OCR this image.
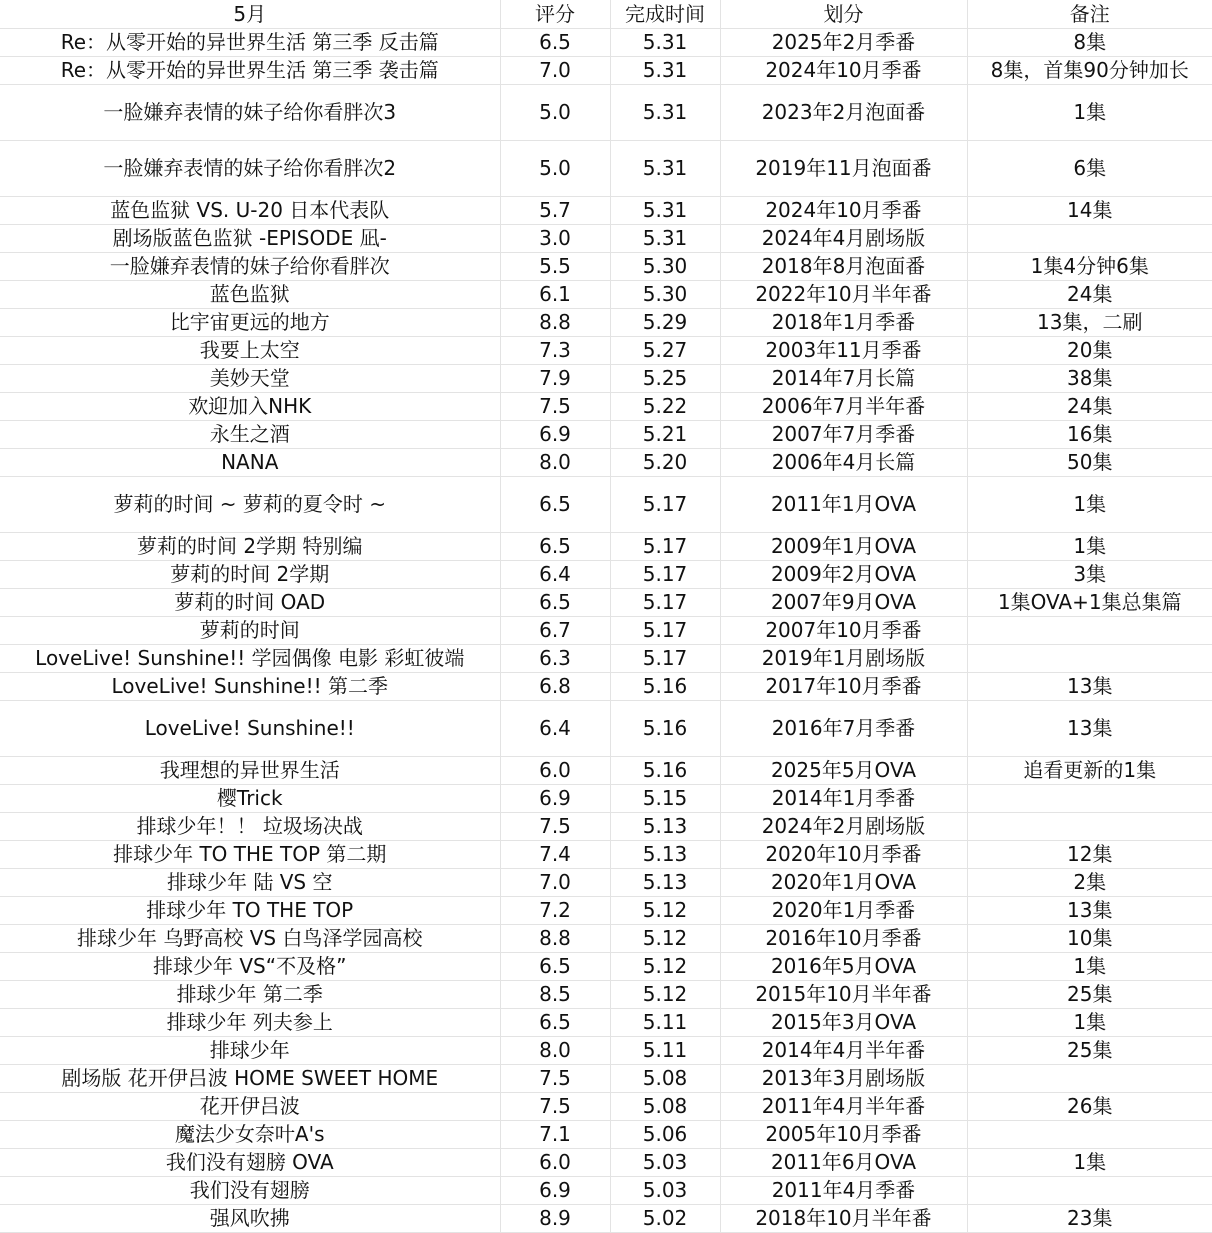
5月	评分	完成时间	划分	备注
Re：从零开始的异世界生活 第三季 反击篇	6.5	5.31	2025年2月季番	8集
Re：从零开始的异世界生活 第三季 袭击篇	7.0	5.31	2024年10月季番	8集，首集90分钟加长
一脸嫌弃表情的妹子给你看胖次3	5.0	5.31	2023年2月泡面番	1集
一脸嫌弃表情的妹子给你看胖次2	5.0	5.31	2019年11月泡面番	6集
蓝色监狱 VS. U-20 日本代表队	5.7	5.31	2024年10月季番	14集
剧场版蓝色监狱 -EPISODE 凪-	3.0	5.31	2024年4月剧场版	
一脸嫌弃表情的妹子给你看胖次	5.5	5.30	2018年8月泡面番	1集4分钟6集
蓝色监狱	6.1	5.30	2022年10月半年番	24集
比宇宙更远的地方	8.8	5.29	2018年1月季番	13集，二刷
我要上太空	7.3	5.27	2003年11月季番	20集
美妙天堂	7.9	5.25	2014年7月长篇	38集
欢迎加入NHK	7.5	5.22	2006年7月半年番	24集
永生之酒	6.9	5.21	2007年7月季番	16集
NANA	8.0	5.20	2006年4月长篇	50集
萝莉的时间 ~ 萝莉的夏令时 ~	6.5	5.17	2011年1月OVA	1集
萝莉的时间 2学期 特别编	6.5	5.17	2009年1月OVA	1集
萝莉的时间 2学期	6.4	5.17	2009年2月OVA	3集
萝莉的时间 OAD	6.5	5.17	2007年9月OVA	1集OVA+1集总集篇
萝莉的时间	6.7	5.17	2007年10月季番	
LoveLive! Sunshine!! 学园偶像 电影 彩虹彼端	6.3	5.17	2019年1月剧场版	
LoveLive! Sunshine!! 第二季	6.8	5.16	2017年10月季番	13集
LoveLive! Sunshine!!	6.4	5.16	2016年7月季番	13集
我理想的异世界生活	6.0	5.16	2025年5月OVA	追看更新的1集
樱Trick	6.9	5.15	2014年1月季番	
排球少年！！ 垃圾场决战	7.5	5.13	2024年2月剧场版	
排球少年 TO THE TOP 第二期	7.4	5.13	2020年10月季番	12集
排球少年 陆 VS 空	7.0	5.13	2020年1月OVA	2集
排球少年 TO THE TOP	7.2	5.12	2020年1月季番	13集
排球少年 乌野高校 VS 白鸟泽学园高校	8.8	5.12	2016年10月季番	10集
排球少年 VS“不及格”	6.5	5.12	2016年5月OVA	1集
排球少年 第二季	8.5	5.12	2015年10月半年番	25集
排球少年 列夫参上	6.5	5.11	2015年3月OVA	1集
排球少年	8.0	5.11	2014年4月半年番	25集
剧场版 花开伊吕波 HOME SWEET HOME	7.5	5.08	2013年3月剧场版	
花开伊吕波	7.5	5.08	2011年4月半年番	26集
魔法少女奈叶A's	7.1	5.06	2005年10月季番	
我们没有翅膀 OVA	6.0	5.03	2011年6月OVA	1集
我们没有翅膀	6.9	5.03	2011年4月季番	
强风吹拂	8.9	5.02	2018年10月半年番	23集
